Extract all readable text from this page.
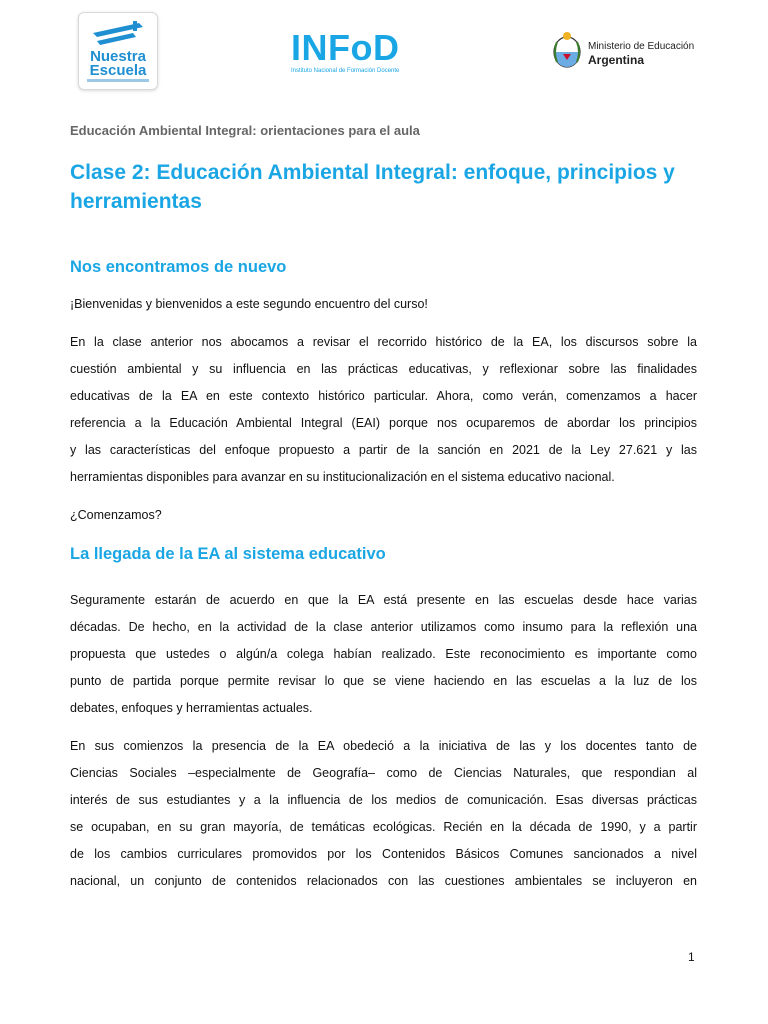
Nuestra
Escuela
INFoD
Instituto Nacional de Formación Docente
Ministerio de Educación
Argentina
Educación Ambiental Integral: orientaciones para el aula
Clase 2: Educación Ambiental Integral: enfoque, principios y herramientas
Nos encontramos de nuevo

¡Bienvenidas y bienvenidos a este segundo encuentro del curso!

En la clase anterior nos abocamos a revisar el recorrido histórico de la EA, los discursos sobre la
cuestión ambiental y su influencia en las prácticas educativas, y reflexionar sobre las finalidades
educativas de la EA en este contexto histórico particular. Ahora, como verán, comenzamos a hacer
referencia a la Educación Ambiental Integral (EAI) porque nos ocuparemos de abordar los principios
y las características del enfoque propuesto a partir de la sanción en 2021 de la Ley 27.621 y las
herramientas disponibles para avanzar en su institucionalización en el sistema educativo nacional.

¿Comenzamos?

La llegada de la EA al sistema educativo
Seguramente estarán de acuerdo en que la EA está presente en las escuelas desde hace varias
décadas. De hecho, en la actividad de la clase anterior utilizamos como insumo para la reflexión una
propuesta que ustedes o algún/a colega habían realizado. Este reconocimiento es importante como
punto de partida porque permite revisar lo que se viene haciendo en las escuelas a la luz de los
debates, enfoques y herramientas actuales.
En sus comienzos la presencia de la EA obedeció a la iniciativa de las y los docentes tanto de
Ciencias Sociales –especialmente de Geografía– como de Ciencias Naturales, que respondian al
interés de sus estudiantes y a la influencia de los medios de comunicación. Esas diversas prácticas
se ocupaban, en su gran mayoría, de temáticas ecológicas. Recién en la década de 1990, y a partir
de los cambios curriculares promovidos por los Contenidos Básicos Comunes sancionados a nivel
nacional, un conjunto de contenidos relacionados con las cuestiones ambientales se incluyeron en
1
